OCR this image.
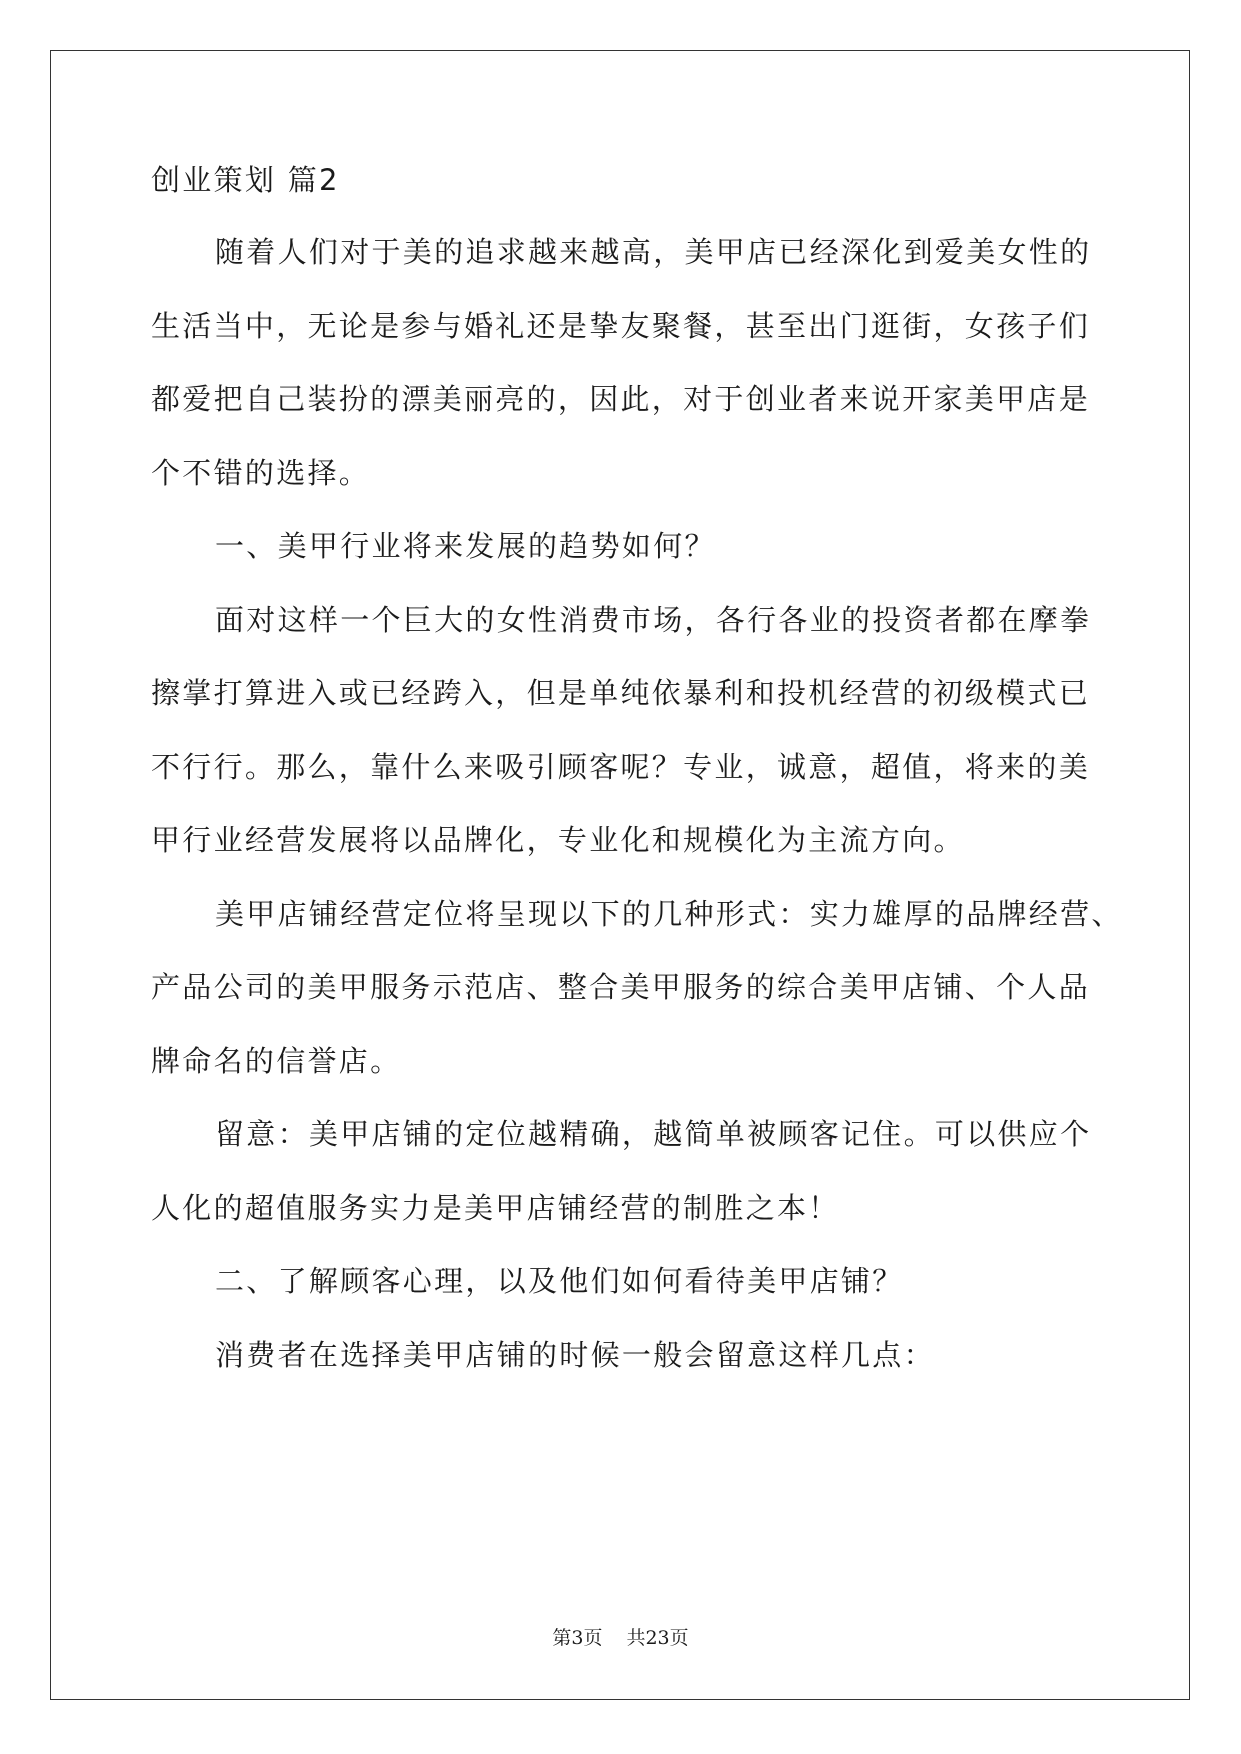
创业策划 篇2
随着人们对于美的追求越来越高，美甲店已经深化到爱美女性的
生活当中，无论是参与婚礼还是挚友聚餐，甚至出门逛街，女孩子们
都爱把自己装扮的漂美丽亮的，因此，对于创业者来说开家美甲店是
个不错的选择。
一、美甲行业将来发展的趋势如何？
面对这样一个巨大的女性消费市场，各行各业的投资者都在摩拳
擦掌打算进入或已经跨入，但是单纯依暴利和投机经营的初级模式已
不行行。那么，靠什么来吸引顾客呢？专业，诚意，超值，将来的美
甲行业经营发展将以品牌化，专业化和规模化为主流方向。
美甲店铺经营定位将呈现以下的几种形式：实力雄厚的品牌经营、
产品公司的美甲服务示范店、整合美甲服务的综合美甲店铺、个人品
牌命名的信誉店。
留意：美甲店铺的定位越精确，越简单被顾客记住。可以供应个
人化的超值服务实力是美甲店铺经营的制胜之本！
二、了解顾客心理，以及他们如何看待美甲店铺？
消费者在选择美甲店铺的时候一般会留意这样几点：
第3页 共23页
